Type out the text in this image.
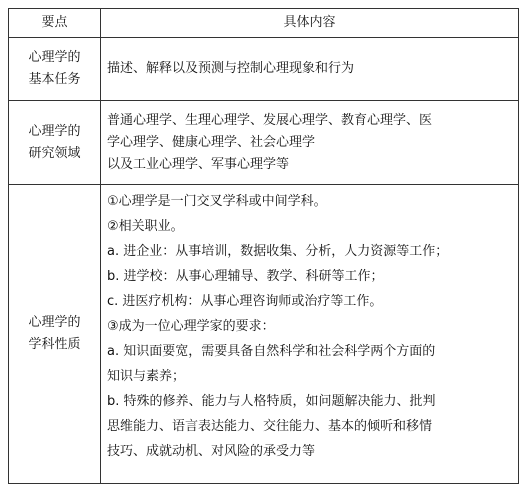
要点	具体内容
心理学的
基本任务
描述、解释以及预测与控制心理现象和行为
心理学的
研究领域
普通心理学、生理心理学、发展心理学、教育心理学、医
学心理学、健康心理学、社会心理学
以及工业心理学、军事心理学等
心理学的
学科性质
①心理学是一门交叉学科或中间学科。
②相关职业。
a. 进企业：从事培训，数据收集、分析，人力资源等工作；
b. 进学校：从事心理辅导、教学、科研等工作；
c. 进医疗机构：从事心理咨询师或治疗等工作。
③成为一位心理学家的要求：
a. 知识面要宽，需要具备自然科学和社会科学两个方面的
知识与素养；
b. 特殊的修养、能力与人格特质，如问题解决能力、批判
思维能力、语言表达能力、交往能力、基本的倾听和移情
技巧、成就动机、对风险的承受力等
